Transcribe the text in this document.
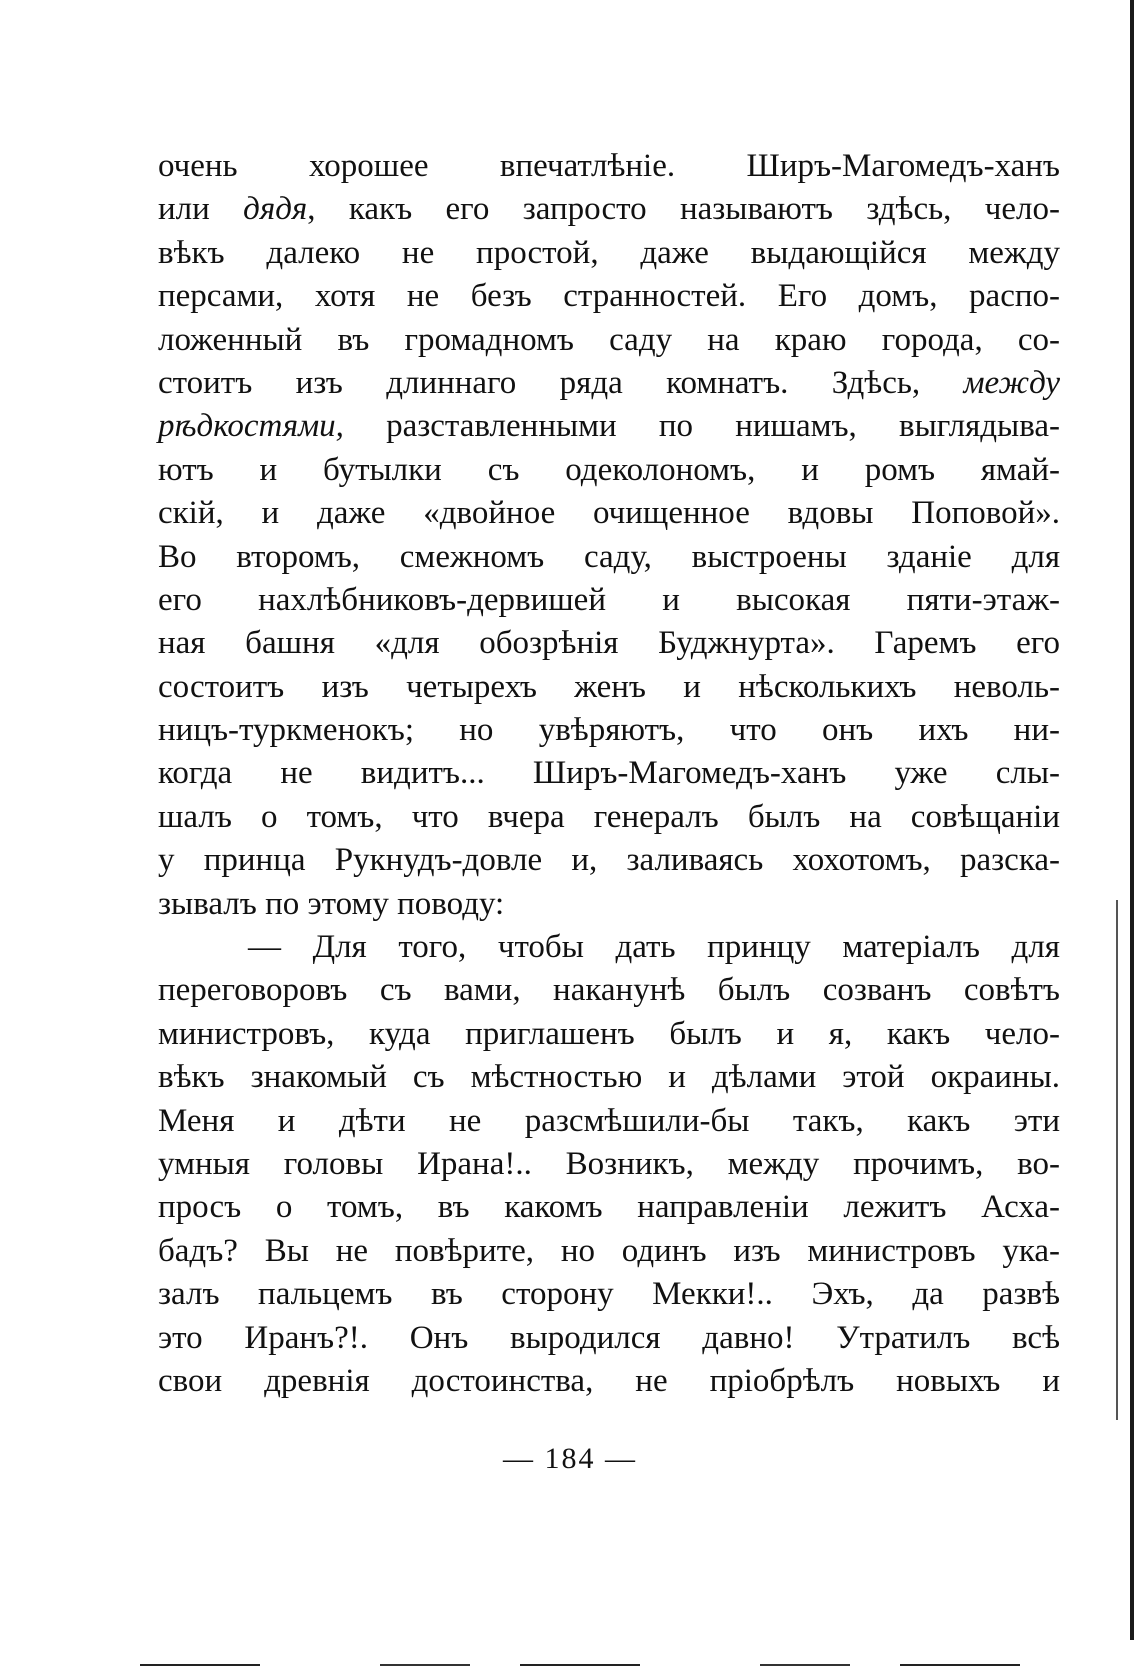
очень хорошее впечатлѣніе. Ширъ-Магомедъ-ханъ
или дядя, какъ его запросто называютъ здѣсь, чело-
вѣкъ далеко не простой, даже выдающійся между
персами, хотя не безъ странностей. Его домъ, распо-
ложенный въ громадномъ саду на краю города, со-
стоитъ изъ длиннаго ряда комнатъ. Здѣсь, между
рѣдкостями, разставленными по нишамъ, выглядыва-
ютъ и бутылки съ одеколономъ, и ромъ ямай-
скій, и даже «двойное очищенное вдовы Поповой».
Во второмъ, смежномъ саду, выстроены зданіе для
его нахлѣбниковъ-дервишей и высокая пяти-этаж-
ная башня «для обозрѣнія Буджнурта». Гаремъ его
состоитъ изъ четырехъ женъ и нѣсколькихъ неволь-
ницъ-туркменокъ; но увѣряютъ, что онъ ихъ ни-
когда не видитъ... Ширъ-Магомедъ-ханъ уже слы-
шалъ о томъ, что вчера генералъ былъ на совѣщаніи
у принца Рукнудъ-довле и, заливаясь хохотомъ, разска-
зывалъ по этому поводу:
— Для того, чтобы дать принцу матеріалъ для
переговоровъ съ вами, наканунѣ былъ созванъ совѣтъ
министровъ, куда приглашенъ былъ и я, какъ чело-
вѣкъ знакомый съ мѣстностью и дѣлами этой окраины.
Меня и дѣти не разсмѣшили-бы такъ, какъ эти
умныя головы Ирана!.. Возникъ, между прочимъ, во-
просъ о томъ, въ какомъ направленіи лежитъ Асха-
бадъ? Вы не повѣрите, но одинъ изъ министровъ ука-
залъ пальцемъ въ сторону Мекки!.. Эхъ, да развѣ
это Иранъ?!. Онъ выродился давно! Утратилъ всѣ
свои древнія достоинства, не пріобрѣлъ новыхъ и
— 184 —
